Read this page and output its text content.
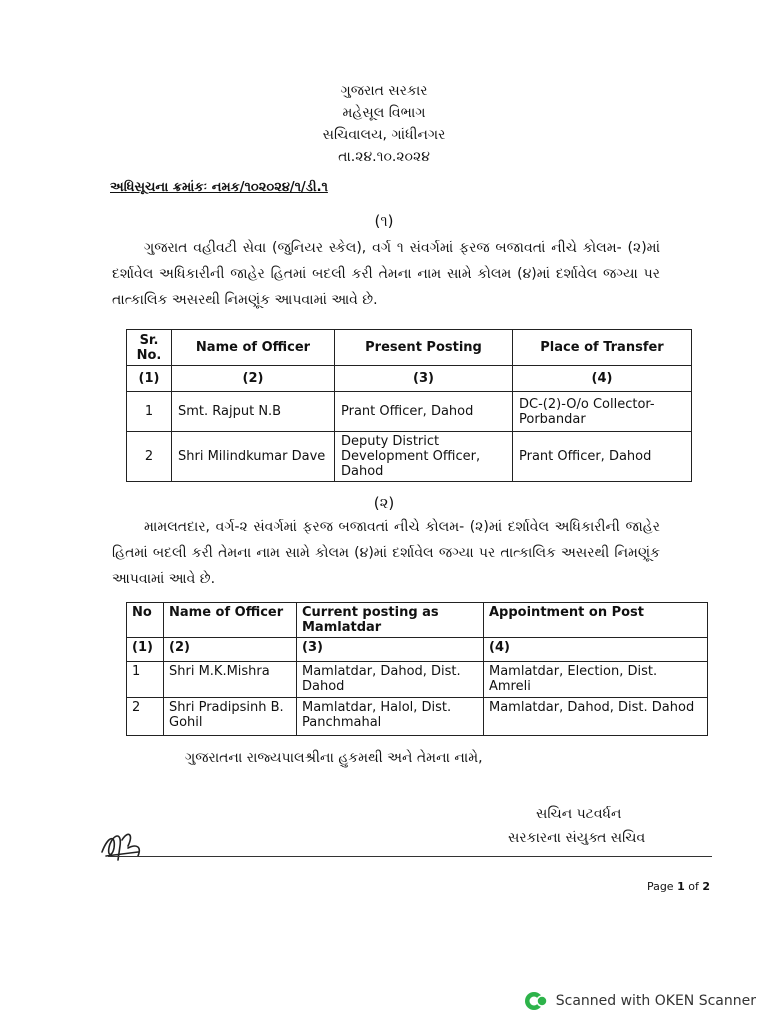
ગુજરાત સરકાર
મહેસૂલ વિભાગ
સચિવાલય, ગાંધીનગર
તા.૨૪.૧૦.૨૦૨૪
અધિસૂચના ક્રમાંકઃ નમક/૧૦૨૦૨૪/૧/ડી.૧
(૧)
ગુજરાત વહીવટી સેવા (જુનિયર સ્કેલ), વર્ગ ૧ સંવર્ગમાં ફરજ બજાવતાં નીચે કોલમ- (૨)માં દર્શાવેલ અધિકારીની જાહેર હિતમાં બદલી કરી તેમના નામ સામે કોલમ (૪)માં દર્શાવેલ જગ્યા પર તાત્કાલિક અસરથી નિમણૂંક આપવામાં આવે છે.
Sr. No.	Name of Officer	Present Posting	Place of Transfer
(1)	(2)	(3)	(4)
1	Smt. Rajput N.B	Prant Officer, Dahod	DC-(2)-O/o Collector-Porbandar
2	Shri Milindkumar Dave	Deputy District Development Officer, Dahod	Prant Officer, Dahod
(૨)
મામલતદાર, વર્ગ-૨ સંવર્ગમાં ફરજ બજાવતાં નીચે કોલમ- (૨)માં દર્શાવેલ અધિકારીની જાહેર હિતમાં બદલી કરી તેમના નામ સામે કોલમ (૪)માં દર્શાવેલ જગ્યા પર તાત્કાલિક અસરથી નિમણૂંક આપવામાં આવે છે.
No	Name of Officer	Current posting as Mamlatdar	Appointment on Post
(1)	(2)	(3)	(4)
1	Shri M.K.Mishra	Mamlatdar, Dahod, Dist. Dahod	Mamlatdar, Election, Dist. Amreli
2	Shri Pradipsinh B. Gohil	Mamlatdar, Halol, Dist. Panchmahal	Mamlatdar, Dahod, Dist. Dahod
ગુજરાતના રાજ્યપાલશ્રીના હુકમથી અને તેમના નામે,
સચિન પટવર્ધન
સરકારના સંયુક્ત સચિવ
Page 1 of 2
Scanned with OKEN Scanner
